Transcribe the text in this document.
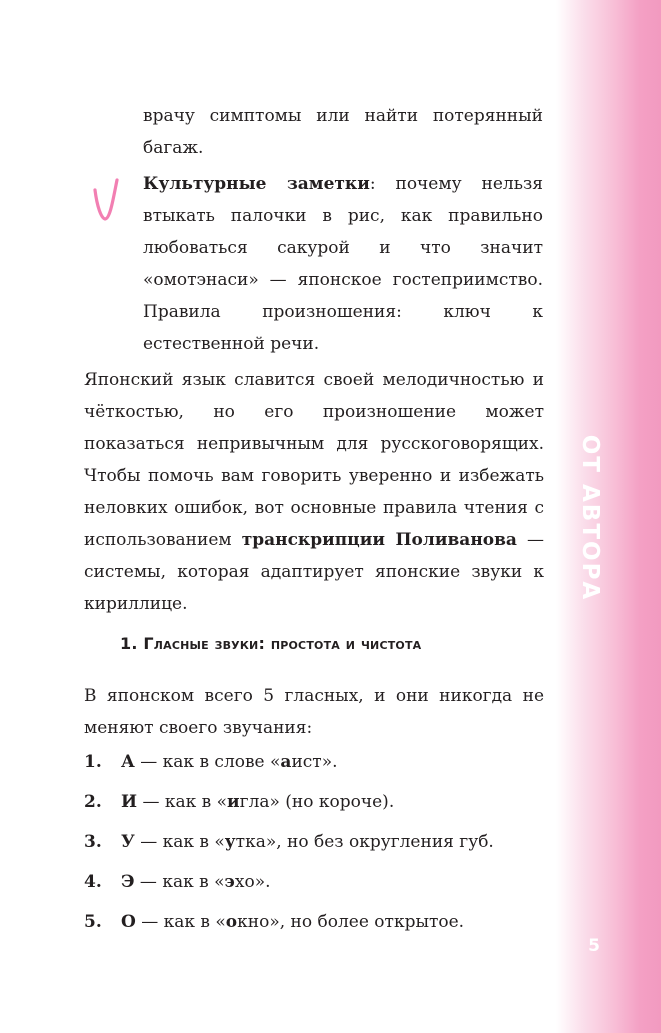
ОТ АВТОРА
5
врачу симптомы или найти потерянный багаж.
Культурные заметки: почему нельзя втыкать палочки в рис, как правильно любоваться сакурой и что значит «омотэнаси» — японское гостеприимство. Правила произношения: ключ к естественной речи.
Японский язык славится своей мелодичностью и чёткостью, но его произношение может показаться непривычным для русскоговорящих. Чтобы помочь вам говорить уверенно и избежать неловких ошибок, вот основные правила чтения с использованием транскрипции Поливанова — системы, которая адаптирует японские звуки к кириллице.
1. Гласные звуки: простота и чистота
В японском всего 5 гласных, и они никогда не меняют своего звучания:
1. А — как в слове «аист».
2. И — как в «игла» (но короче).
3. У — как в «утка», но без округления губ.
4. Э — как в «эхо».
5. О — как в «окно», но более открытое.
